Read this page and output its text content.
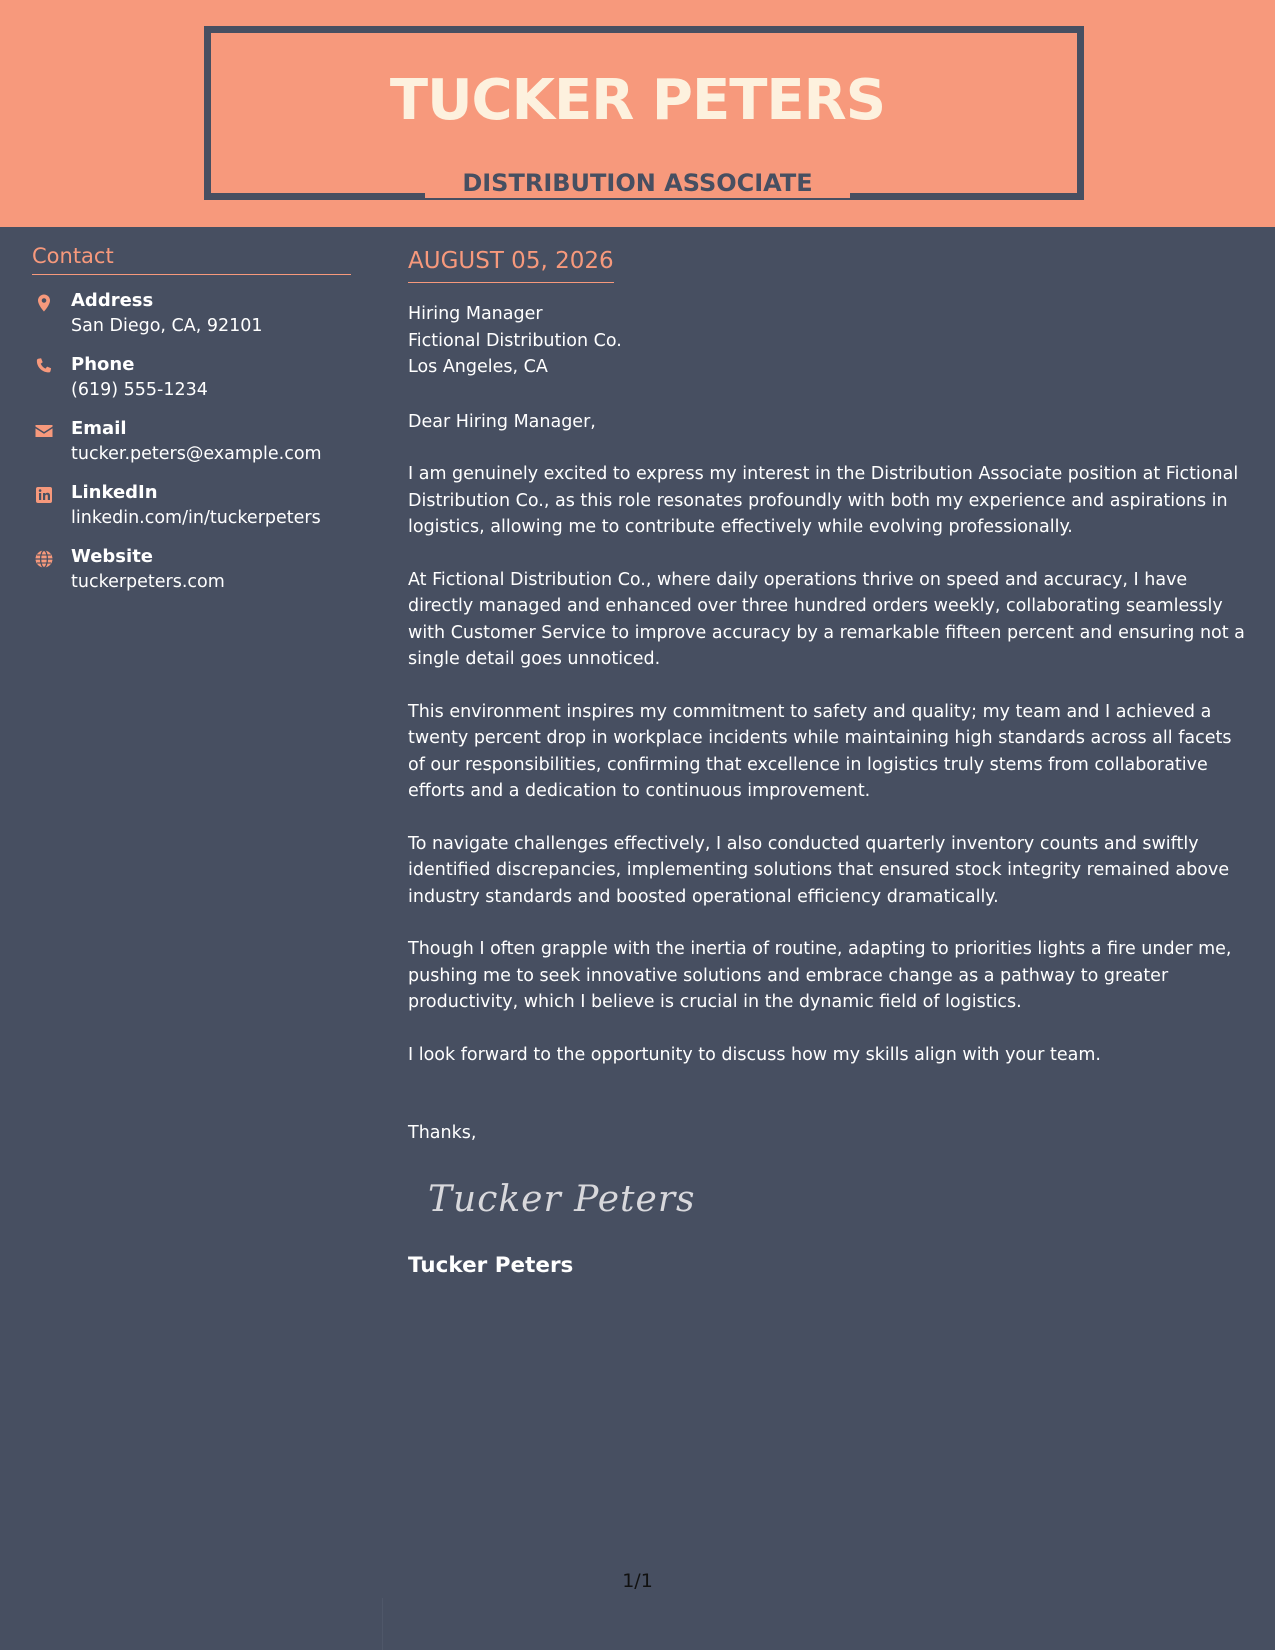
TUCKER PETERS
DISTRIBUTION ASSOCIATE
Contact
Address
San Diego, CA, 92101
Phone
(619) 555-1234
Email
tucker.peters@example.com
LinkedIn
linkedin.com/in/tuckerpeters
Website
tuckerpeters.com
AUGUST 05, 2026
Hiring Manager
Fictional Distribution Co.
Los Angeles, CA

Dear Hiring Manager,

I am genuinely excited to express my interest in the Distribution Associate position at Fictional Distribution Co., as this role resonates profoundly with both my experience and aspirations in logistics, allowing me to contribute effectively while evolving professionally.

At Fictional Distribution Co., where daily operations thrive on speed and accuracy, I have directly managed and enhanced over three hundred orders weekly, collaborating seamlessly with Customer Service to improve accuracy by a remarkable fifteen percent and ensuring not a single detail goes unnoticed.

This environment inspires my commitment to safety and quality; my team and I achieved a twenty percent drop in workplace incidents while maintaining high standards across all facets of our responsibilities, confirming that excellence in logistics truly stems from collaborative efforts and a dedication to continuous improvement.

To navigate challenges effectively, I also conducted quarterly inventory counts and swiftly identified discrepancies, implementing solutions that ensured stock integrity remained above industry standards and boosted operational efficiency dramatically.

Though I often grapple with the inertia of routine, adapting to priorities lights a fire under me, pushing me to seek innovative solutions and embrace change as a pathway to greater productivity, which I believe is crucial in the dynamic field of logistics.

I look forward to the opportunity to discuss how my skills align with your team.

Thanks,

Tucker Peters
Tucker Peters
1/1
